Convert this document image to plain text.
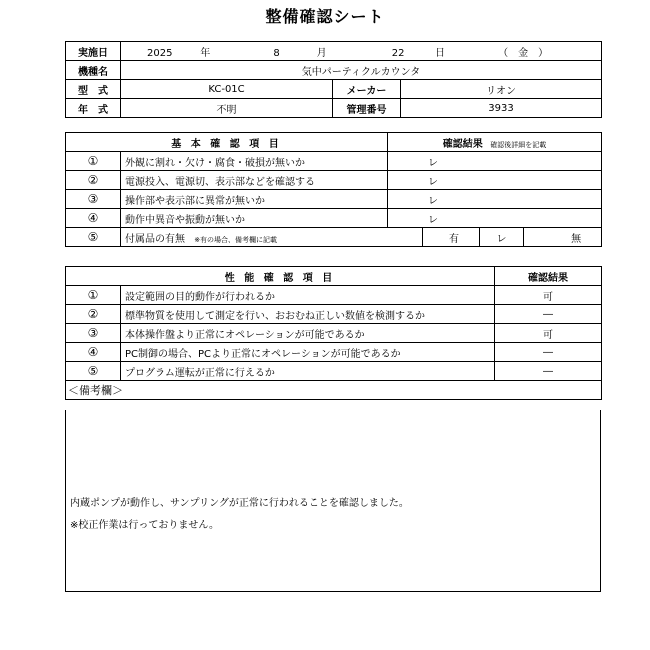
整備確認シート
実施日	2025 年 8 月 22 日 （　金　）		
機種名	気中パーティクルカウンタ		
型　式	KC-01C	メーカー	リオン
年　式	不明	管理番号	3933
基 本 確 認 項 目		確認結果 確認後詳細を記載			
①	外観に割れ・欠け・腐食・破損が無いか	レ			
②	電源投入、電源切、表示部などを確認する	レ			
③	操作部や表示部に異常が無いか	レ			
④	動作中異音や振動が無いか	レ			
⑤	付属品の有無 ※有の場合、備考欄に記載		有	レ	無
性 能 確 認 項 目		確認結果
①	設定範囲の目的動作が行われるか	可
②	標準物質を使用して測定を行い、おおむね正しい数値を検測するか	―
③	本体操作盤より正常にオペレーションが可能であるか	可
④	PC制御の場合、PCより正常にオペレーションが可能であるか	―
⑤	プログラム運転が正常に行えるか	―
＜備考欄＞		

内蔵ポンプが動作し、サンプリングが正常に行われることを確認しました。

※校正作業は行っておりません。
